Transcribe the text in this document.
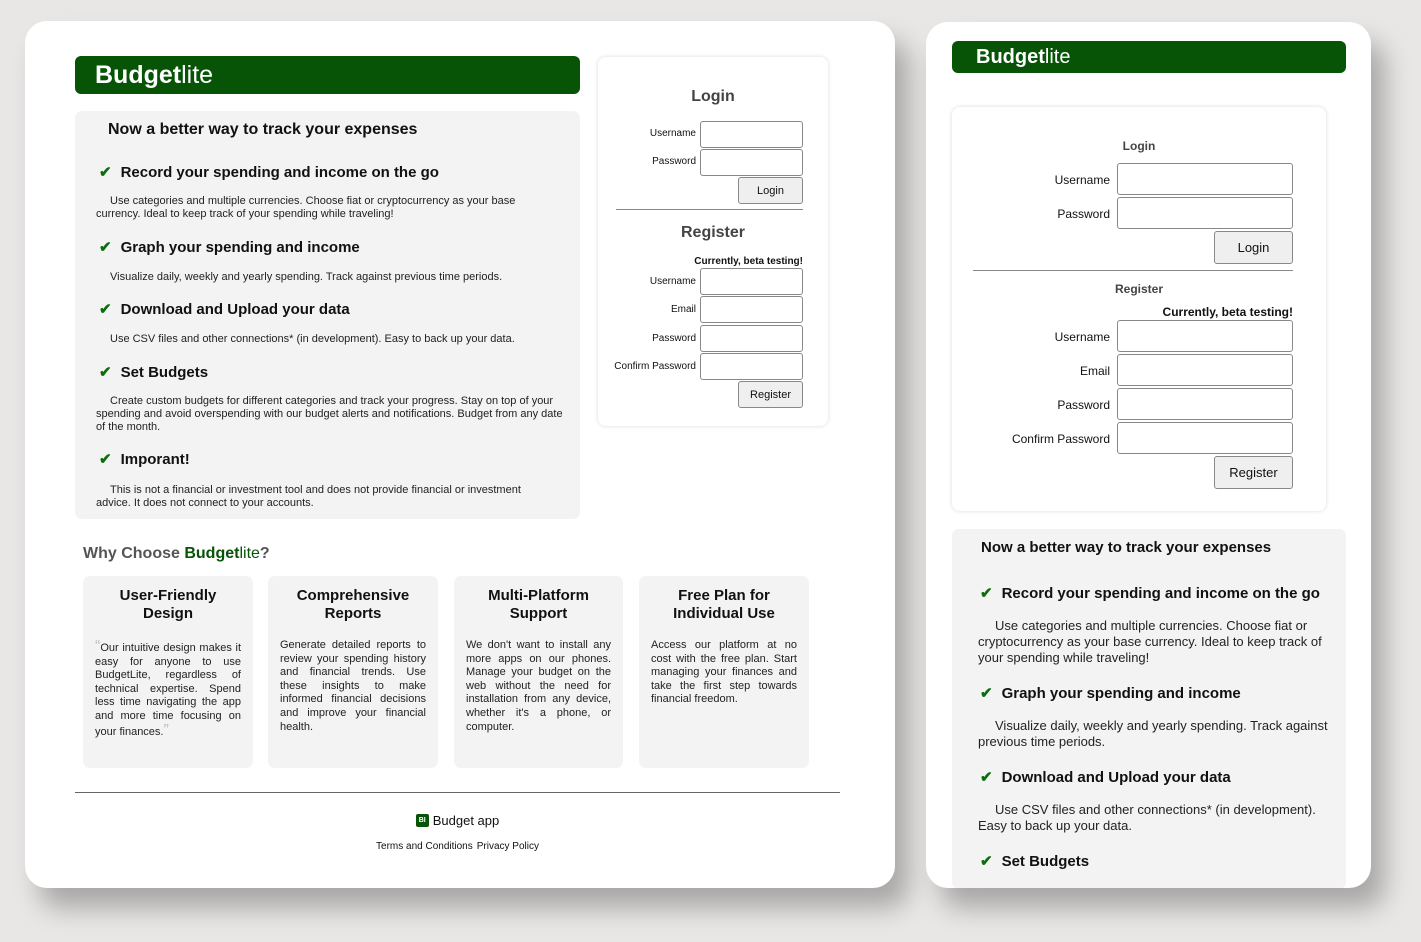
Budget lite
Now a better way to track your expenses
✔ Record your spending and income on the go
Use categories and multiple currencies. Choose fiat or cryptocurrency as your base currency. Ideal to keep track of your spending while traveling!
✔ Graph your spending and income
Visualize daily, weekly and yearly spending. Track against previous time periods.
✔ Download and Upload your data
Use CSV files and other connections* (in development). Easy to back up your data.
✔ Set Budgets
Create custom budgets for different categories and track your progress. Stay on top of your spending and avoid overspending with our budget alerts and notifications. Budget from any date of the month.
✔ Imporant!
This is not a financial or investment tool and does not provide financial or investment advice. It does not connect to your accounts.
Login
Username
Password
Login
Register
Currently, beta testing!
Username
Email
Password
Confirm Password
Register
Why Choose Budgetlite?
User-Friendly Design
“Our intuitive design makes it easy for anyone to use BudgetLite, regardless of technical expertise. Spend less time navigating the app and more time focusing on your finances.”
Comprehensive Reports
Generate detailed reports to review your spending history and financial trends. Use these insights to make informed financial decisions and improve your financial health.
Multi-Platform Support
We don't want to install any more apps on our phones. Manage your budget on the web without the need for installation from any device, whether it's a phone, or computer.
Free Plan for Individual Use
Access our platform at no cost with the free plan. Start managing your finances and take the first step towards financial freedom.
BI Budget app
Terms and Conditions Privacy Policy
Budget lite
Login
Username
Password
Login
Register
Currently, beta testing!
Username
Email
Password
Confirm Password
Register
Now a better way to track your expenses
✔ Record your spending and income on the go
Use categories and multiple currencies. Choose fiat or cryptocurrency as your base currency. Ideal to keep track of your spending while traveling!
✔ Graph your spending and income
Visualize daily, weekly and yearly spending. Track against previous time periods.
✔ Download and Upload your data
Use CSV files and other connections* (in development). Easy to back up your data.
✔ Set Budgets
